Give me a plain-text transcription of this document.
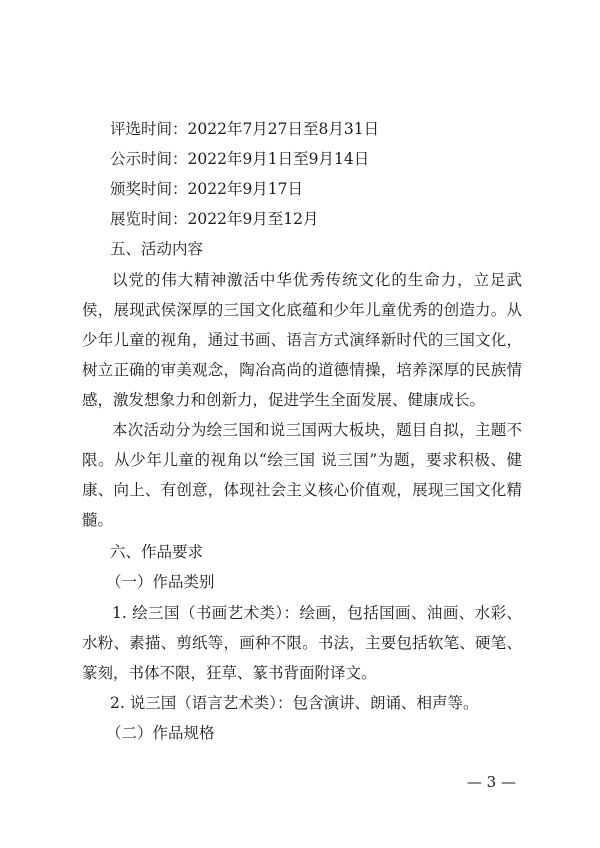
评选时间：2022年7月27日至8月31日
公示时间：2022年9月1日至9月14日
颁奖时间：2022年9月17日
展览时间：2022年9月至12月
五、活动内容
以党的伟大精神激活中华优秀传统文化的生命力，立足武
侯，展现武侯深厚的三国文化底蕴和少年儿童优秀的创造力。从
少年儿童的视角，通过书画、语言方式演绎新时代的三国文化，
树立正确的审美观念，陶冶高尚的道德情操，培养深厚的民族情
感，激发想象力和创新力，促进学生全面发展、健康成长。
本次活动分为绘三国和说三国两大板块，题目自拟，主题不
限。从少年儿童的视角以“绘三国 说三国”为题，要求积极、健
康、向上、有创意，体现社会主义核心价值观，展现三国文化精
髓。
六、作品要求
（一）作品类别
1. 绘三国（书画艺术类）：绘画，包括国画、油画、水彩、
水粉、素描、剪纸等，画种不限。书法，主要包括软笔、硬笔、
篆刻，书体不限，狂草、篆书背面附译文。
2. 说三国（语言艺术类）：包含演讲、朗诵、相声等。
（二）作品规格
— 3 —
